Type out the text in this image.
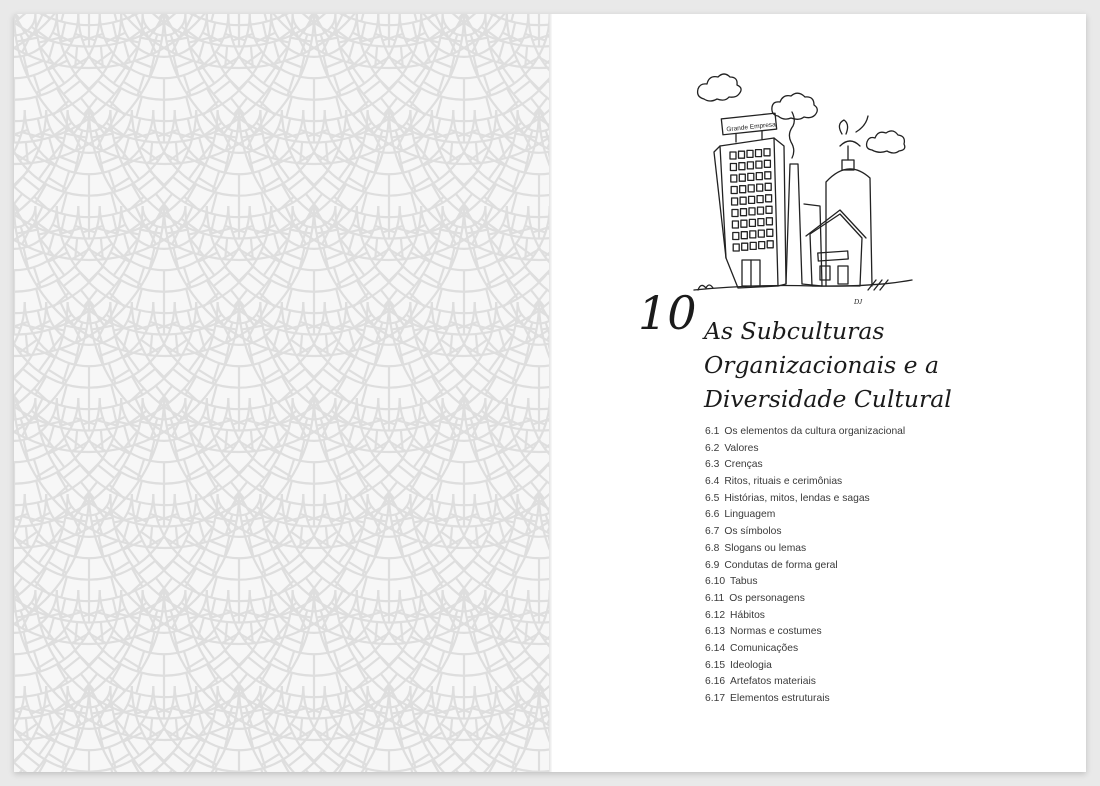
Grande Empresa
DJ
10 As Subculturas
Organizacionais e a
Diversidade Cultural
6.1 Os elementos da cultura organizacional
6.2 Valores
6.3 Crenças
6.4 Ritos, rituais e cerimônias
6.5 Histórias, mitos, lendas e sagas
6.6 Linguagem
6.7 Os símbolos
6.8 Slogans ou lemas
6.9 Condutas de forma geral
6.10 Tabus
6.11 Os personagens
6.12 Hábitos
6.13 Normas e costumes
6.14 Comunicações
6.15 Ideologia
6.16 Artefatos materiais
6.17 Elementos estruturais
